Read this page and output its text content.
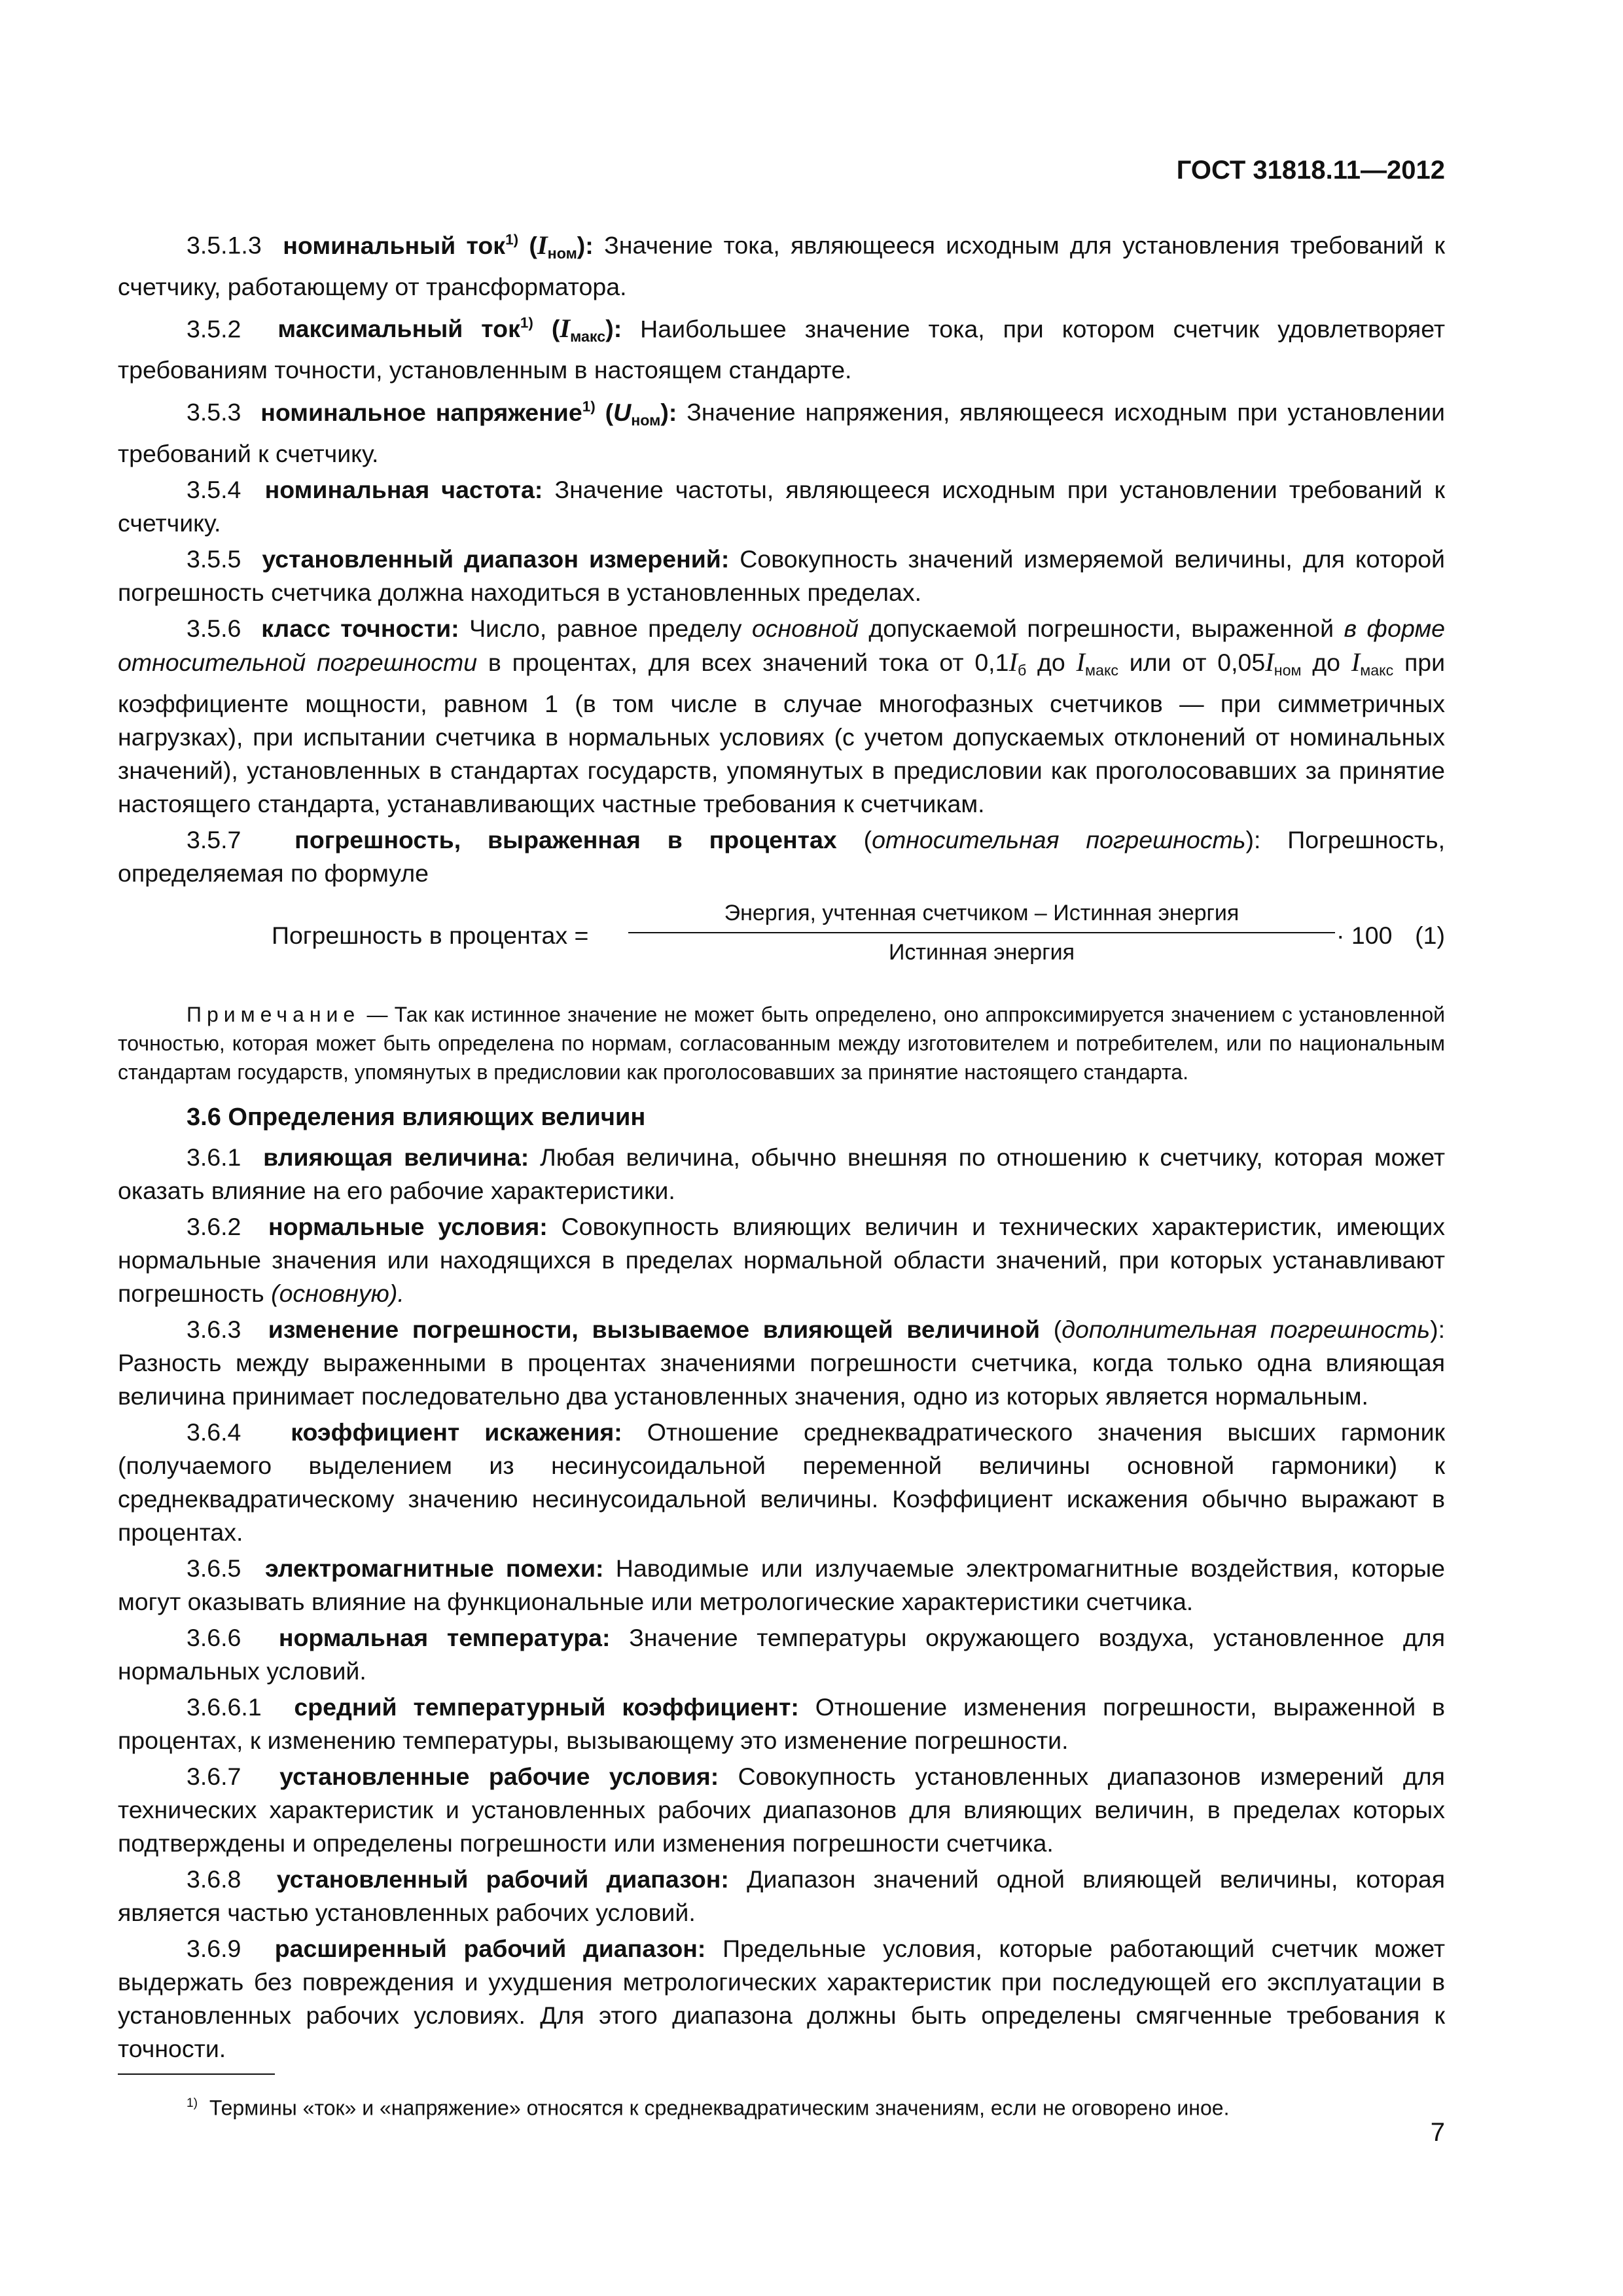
ГОСТ 31818.11—2012

3.5.1.3 номинальный ток$^{1)}$ $(I_{ном})$: Значение тока, являющееся исходным для установления требований к счетчику, работающему от трансформатора.

3.5.2 максимальный ток$^{1)}$ $(I_{макс})$: Наибольшее значение тока, при котором счетчик удовлетворяет требованиям точности, установленным в настоящем стандарте.

3.5.3 номинальное напряжение$^{1)}$ $(U_{ном})$: Значение напряжения, являющееся исходным при установлении требований к счетчику.

3.5.4 номинальная частота: Значение частоты, являющееся исходным при установлении требований к счетчику.

3.5.5 установленный диапазон измерений: Совокупность значений измеряемой величины, для которой погрешность счетчика должна находиться в установленных пределах.

3.5.6 класс точности: Число, равное пределу основной допускаемой погрешности, выраженной в форме относительной погрешности в процентах, для всех значений тока от $0,1I_б$ до $I_{макс}$ или от $0,05I_{ном}$ до $I_{макс}$ при коэффициенте мощности, равном 1 (в том числе в случае многофазных счетчиков — при симметричных нагрузках), при испытании счетчика в нормальных условиях (с учетом допускаемых отклонений от номинальных значений), установленных в стандартах государств, упомянутых в предисловии как проголосовавших за принятие настоящего стандарта, устанавливающих частные требования к счетчикам.

3.5.7 погрешность, выраженная в процентах (относительная погрешность): Погрешность, определяемая по формуле

Погрешность в процентах =
Энергия, учтенная счетчиком – Истинная энергия
Истинная энергия
· 100 (1)

Примечание — Так как истинное значение не может быть определено, оно аппроксимируется значением с установленной точностью, которая может быть определена по нормам, согласованным между изготовителем и потребителем, или по национальным стандартам государств, упомянутых в предисловии как проголосовавших за принятие настоящего стандарта.

3.6 Определения влияющих величин

3.6.1 влияющая величина: Любая величина, обычно внешняя по отношению к счетчику, которая может оказать влияние на его рабочие характеристики.

3.6.2 нормальные условия: Совокупность влияющих величин и технических характеристик, имеющих нормальные значения или находящихся в пределах нормальной области значений, при которых устанавливают погрешность (основную).

3.6.3 изменение погрешности, вызываемое влияющей величиной (дополнительная погрешность): Разность между выраженными в процентах значениями погрешности счетчика, когда только одна влияющая величина принимает последовательно два установленных значения, одно из которых является нормальным.

3.6.4 коэффициент искажения: Отношение среднеквадратического значения высших гармоник (получаемого выделением из несинусоидальной переменной величины основной гармоники) к среднеквадратическому значению несинусоидальной величины. Коэффициент искажения обычно выражают в процентах.

3.6.5 электромагнитные помехи: Наводимые или излучаемые электромагнитные воздействия, которые могут оказывать влияние на функциональные или метрологические характеристики счетчика.

3.6.6 нормальная температура: Значение температуры окружающего воздуха, установленное для нормальных условий.

3.6.6.1 средний температурный коэффициент: Отношение изменения погрешности, выраженной в процентах, к изменению температуры, вызывающему это изменение погрешности.

3.6.7 установленные рабочие условия: Совокупность установленных диапазонов измерений для технических характеристик и установленных рабочих диапазонов для влияющих величин, в пределах которых подтверждены и определены погрешности или изменения погрешности счетчика.

3.6.8 установленный рабочий диапазон: Диапазон значений одной влияющей величины, которая является частью установленных рабочих условий.

3.6.9 расширенный рабочий диапазон: Предельные условия, которые работающий счетчик может выдержать без повреждения и ухудшения метрологических характеристик при последующей его эксплуатации в установленных рабочих условиях. Для этого диапазона должны быть определены смягченные требования к точности.

$^{1)}$ Термины «ток» и «напряжение» относятся к среднеквадратическим значениям, если не оговорено иное.
7
